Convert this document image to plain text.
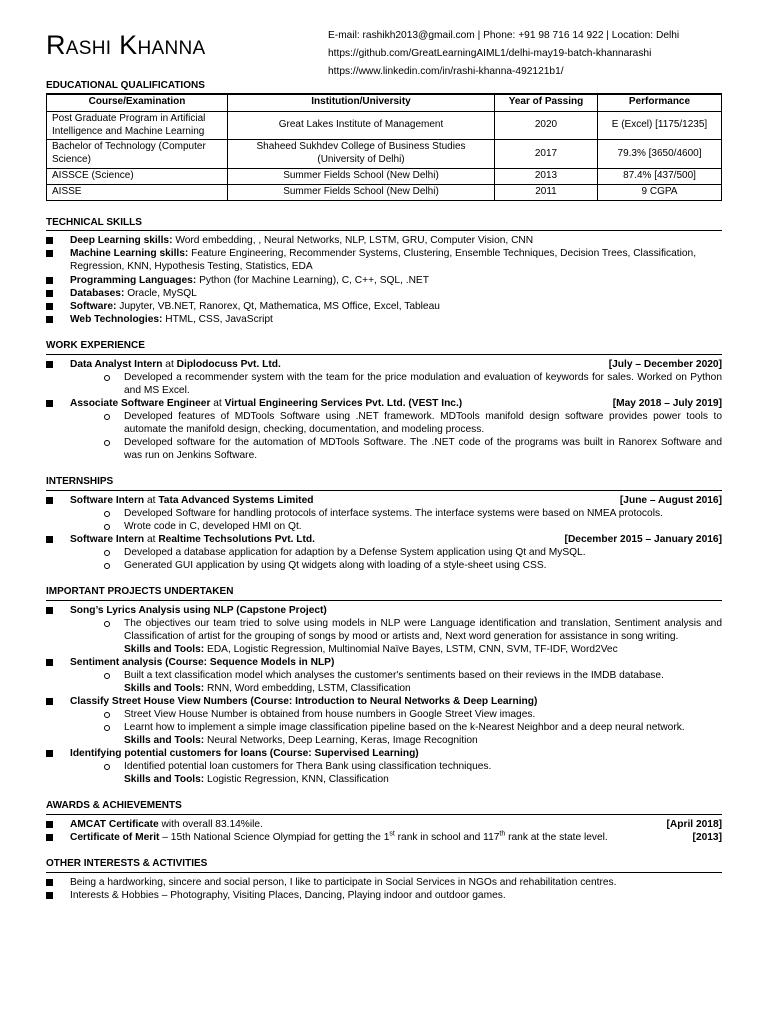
Rashi Khanna	E-mail: rashikh2013@gmail.com | Phone: +91 98 716 14 922 | Location: Delhi
https://github.com/GreatLearningAIML1/delhi-may19-batch-khannarashi
https://www.linkedin.com/in/rashi-khanna-492121b1/
EDUCATIONAL QUALIFICATIONS
Course/Examination	Institution/University	Year of Passing	Performance
Post Graduate Program in Artificial Intelligence and Machine Learning	Great Lakes Institute of Management	2020	E (Excel) [1175/1235]
Bachelor of Technology (Computer Science)	Shaheed Sukhdev College of Business Studies (University of Delhi)	2017	79.3% [3650/4600]
AISSCE (Science)	Summer Fields School (New Delhi)	2013	87.4% [437/500]
AISSE	Summer Fields School (New Delhi)	2011	9 CGPA
TECHNICAL SKILLS
Deep Learning skills: Word embedding, , Neural Networks, NLP, LSTM, GRU, Computer Vision, CNN
Machine Learning skills: Feature Engineering, Recommender Systems, Clustering, Ensemble Techniques, Decision Trees, Classification, Regression, KNN, Hypothesis Testing, Statistics, EDA
Programming Languages: Python (for Machine Learning), C, C++, SQL, .NET
Databases: Oracle, MySQL
Software: Jupyter, VB.NET, Ranorex, Qt, Mathematica, MS Office, Excel, Tableau
Web Technologies: HTML, CSS, JavaScript
WORK EXPERIENCE
Data Analyst Intern at Diplodocuss Pvt. Ltd.	[July – December 2020]
Developed a recommender system with the team for the price modulation and evaluation of keywords for sales. Worked on Python and MS Excel.
Associate Software Engineer at Virtual Engineering Services Pvt. Ltd. (VEST Inc.)	[May 2018 – July 2019]
Developed features of MDTools Software using .NET framework. MDTools manifold design software provides power tools to automate the manifold design, checking, documentation, and modeling process.
Developed software for the automation of MDTools Software. The .NET code of the programs was built in Ranorex Software and was run on Jenkins Software.
INTERNSHIPS
Software Intern at Tata Advanced Systems Limited	[June – August 2016]
Developed Software for handling protocols of interface systems. The interface systems were based on NMEA protocols.
Wrote code in C, developed HMI on Qt.
Software Intern at Realtime Techsolutions Pvt. Ltd.	[December 2015 – January 2016]
Developed a database application for adaption by a Defense System application using Qt and MySQL.
Generated GUI application by using Qt widgets along with loading of a style-sheet using CSS.
IMPORTANT PROJECTS UNDERTAKEN
Song’s Lyrics Analysis using NLP (Capstone Project)
The objectives our team tried to solve using models in NLP were Language identification and translation, Sentiment analysis and Classification of artist for the grouping of songs by mood or artists and, Next word generation for assistance in song writing.
Skills and Tools: EDA, Logistic Regression, Multinomial Naïve Bayes, LSTM, CNN, SVM, TF-IDF, Word2Vec
Sentiment analysis (Course: Sequence Models in NLP)
Built a text classification model which analyses the customer's sentiments based on their reviews in the IMDB database.
Skills and Tools: RNN, Word embedding, LSTM, Classification
Classify Street House View Numbers (Course: Introduction to Neural Networks & Deep Learning)
Street View House Number is obtained from house numbers in Google Street View images.
Learnt how to implement a simple image classification pipeline based on the k-Nearest Neighbor and a deep neural network.
Skills and Tools: Neural Networks, Deep Learning, Keras, Image Recognition
Identifying potential customers for loans (Course: Supervised Learning)
Identified potential loan customers for Thera Bank using classification techniques.
Skills and Tools: Logistic Regression, KNN, Classification
AWARDS & ACHIEVEMENTS
AMCAT Certificate with overall 83.14%ile.	[April 2018]
Certificate of Merit – 15th National Science Olympiad for getting the 1st rank in school and 117th rank at the state level.	[2013]
OTHER INTERESTS & ACTIVITIES
Being a hardworking, sincere and social person, I like to participate in Social Services in NGOs and rehabilitation centres.
Interests & Hobbies – Photography, Visiting Places, Dancing, Playing indoor and outdoor games.
